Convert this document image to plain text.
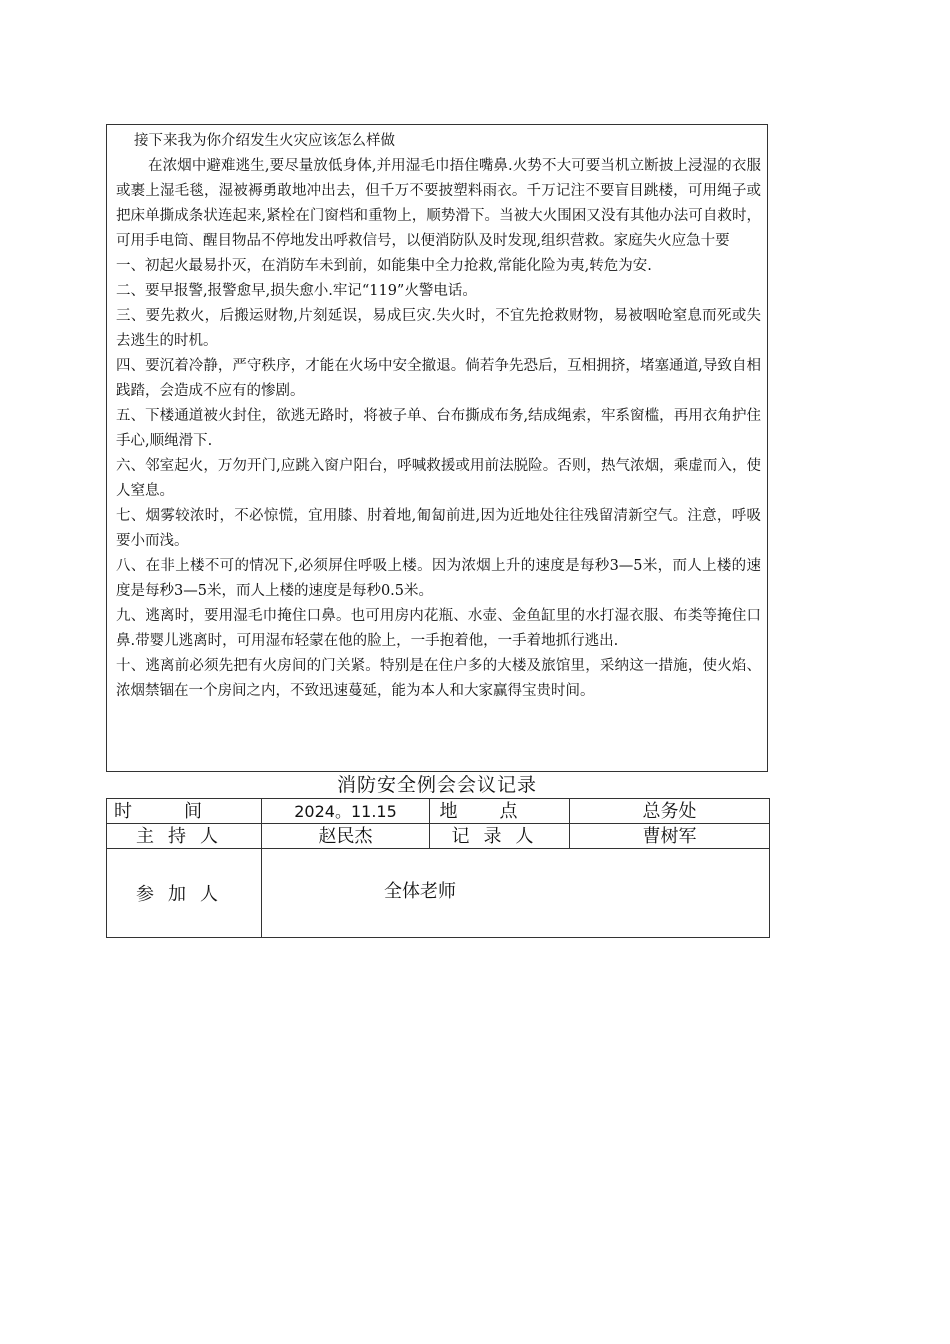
接下来我为你介绍发生火灾应该怎么样做

在浓烟中避难逃生,要尽量放低身体,并用湿毛巾捂住嘴鼻.火势不大可要当机立断披上浸湿的衣服或裹上湿毛毯，湿被褥勇敢地冲出去，但千万不要披塑料雨衣。千万记注不要盲目跳楼，可用绳子或把床单撕成条状连起来,紧栓在门窗档和重物上，顺势滑下。当被大火围困又没有其他办法可自救时，可用手电筒、醒目物品不停地发出呼救信号，以便消防队及时发现,组织营救。家庭失火应急十要

一、初起火最易扑灭，在消防车未到前，如能集中全力抢救,常能化险为夷,转危为安.

二、要早报警,报警愈早,损失愈小.牢记“119”火警电话。

三、要先救火，后搬运财物,片刻延误，易成巨灾.失火时，不宜先抢救财物，易被咽呛窒息而死或失去逃生的时机。

四、要沉着冷静，严守秩序，才能在火场中安全撤退。倘若争先恐后，互相拥挤，堵塞通道,导致自相践踏，会造成不应有的惨剧。

五、下楼通道被火封住，欲逃无路时，将被子单、台布撕成布务,结成绳索，牢系窗槛，再用衣角护住手心,顺绳滑下.

六、邻室起火，万勿开门,应跳入窗户阳台，呼喊救援或用前法脱险。否则，热气浓烟，乘虚而入，使人窒息。

七、烟雾较浓时，不必惊慌，宜用膝、肘着地,匍匐前进,因为近地处往往残留清新空气。注意，呼吸要小而浅。

八、在非上楼不可的情况下,必须屏住呼吸上楼。因为浓烟上升的速度是每秒3—5米，而人上楼的速度是每秒3—5米，而人上楼的速度是每秒0.5米。

九、逃离时，要用湿毛巾掩住口鼻。也可用房内花瓶、水壶、金鱼缸里的水打湿衣服、布类等掩住口鼻.带婴儿逃离时，可用湿布轻蒙在他的脸上，一手抱着他，一手着地抓行逃出.

十、逃离前必须先把有火房间的门关紧。特别是在住户多的大楼及旅馆里，采纳这一措施，使火焰、浓烟禁锢在一个房间之内，不致迅速蔓延，能为本人和大家赢得宝贵时间。

消防安全例会会议记录
时间	2024。11.15	地点	总务处
主持人	赵民杰	记录人	曹树军
参加人	全体老师		
